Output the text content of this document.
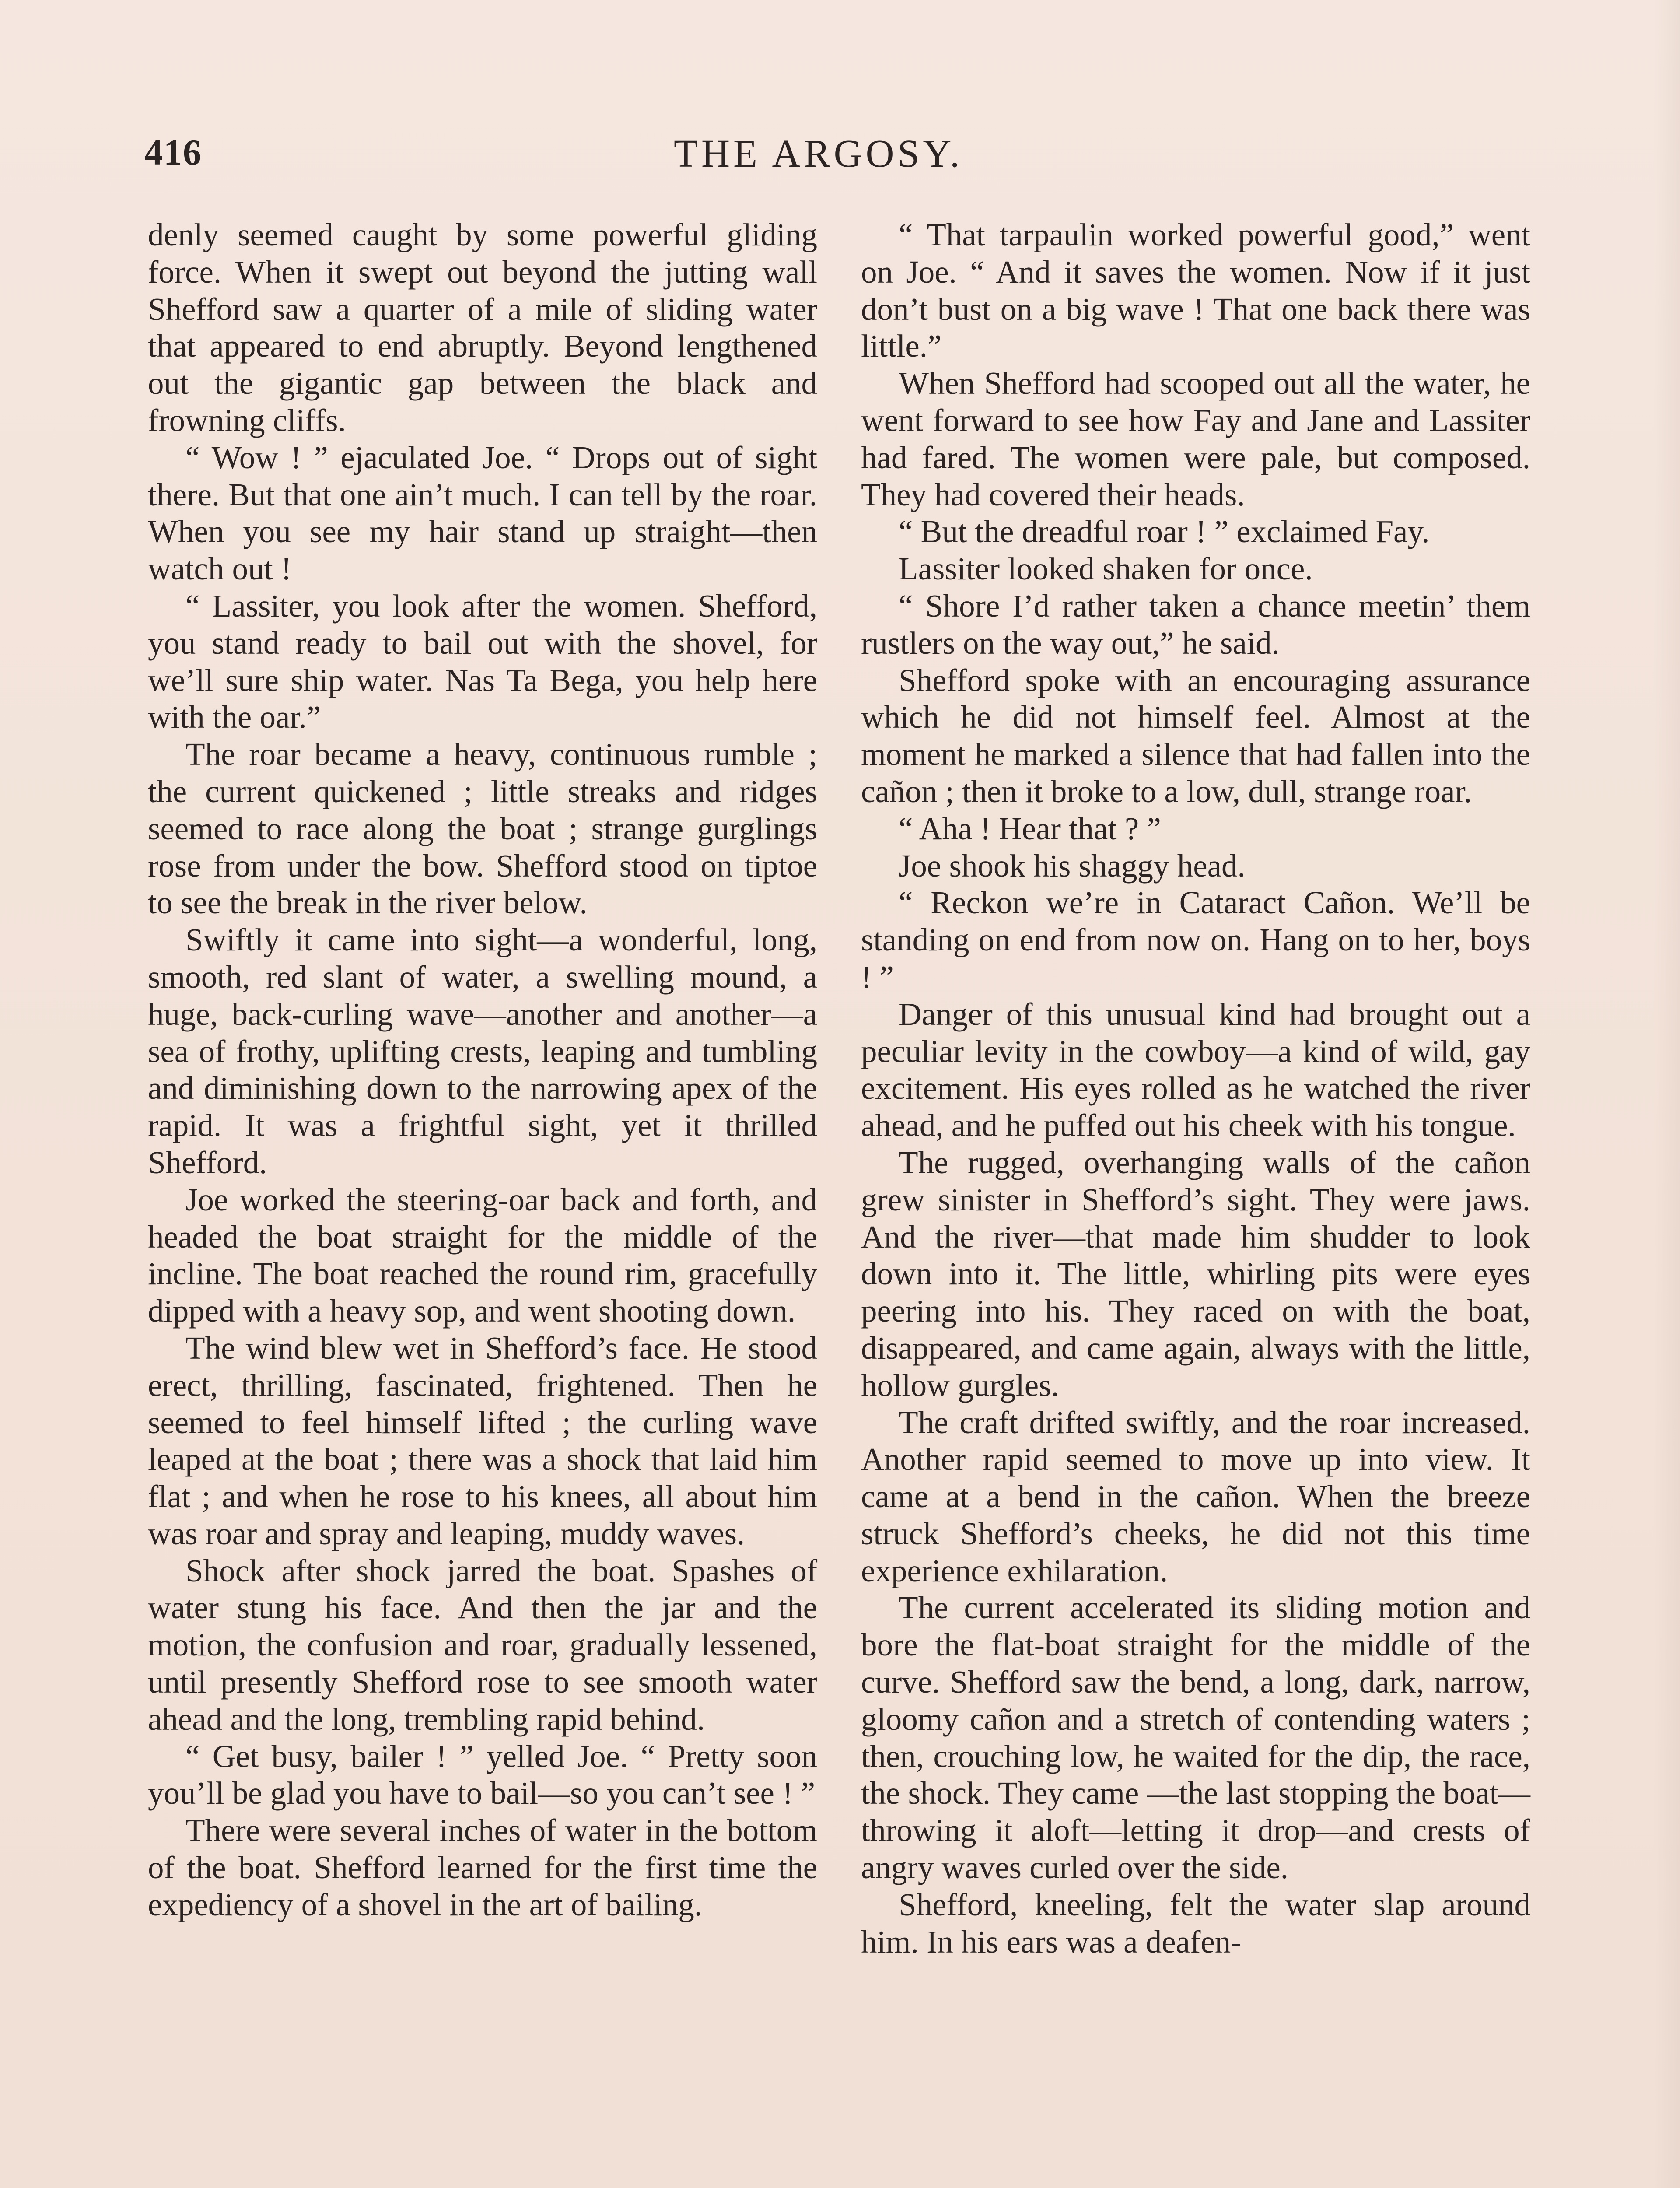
416	THE ARGOSY.

denly seemed caught by some powerful gliding force. When it swept out beyond the jutting wall Shefford saw a quarter of a mile of sliding water that appeared to end abruptly. Beyond lengthened out the gigantic gap between the black and frowning cliffs.

“ Wow ! ” ejaculated Joe. “ Drops out of sight there. But that one ain’t much. I can tell by the roar. When you see my hair stand up straight—then watch out !

“ Lassiter, you look after the women. Shefford, you stand ready to bail out with the shovel, for we’ll sure ship water. Nas Ta Bega, you help here with the oar.”

The roar became a heavy, continuous rumble ; the current quickened ; little streaks and ridges seemed to race along the boat ; strange gurglings rose from under the bow. Shefford stood on tiptoe to see the break in the river below.

Swiftly it came into sight—a wonderful, long, smooth, red slant of water, a swelling mound, a huge, back-curling wave—another and another—a sea of frothy, uplifting crests, leaping and tumbling and diminishing down to the narrowing apex of the rapid. It was a frightful sight, yet it thrilled Shefford.

Joe worked the steering-oar back and forth, and headed the boat straight for the middle of the incline. The boat reached the round rim, gracefully dipped with a heavy sop, and went shooting down.

The wind blew wet in Shefford’s face. He stood erect, thrilling, fascinated, frightened. Then he seemed to feel himself lifted ; the curling wave leaped at the boat ; there was a shock that laid him flat ; and when he rose to his knees, all about him was roar and spray and leaping, muddy waves.

Shock after shock jarred the boat. Spashes of water stung his face. And then the jar and the motion, the confusion and roar, gradually lessened, until presently Shefford rose to see smooth water ahead and the long, trembling rapid behind.

“ Get busy, bailer ! ” yelled Joe. “ Pretty soon you’ll be glad you have to bail—so you can’t see ! ”

There were several inches of water in the bottom of the boat. Shefford learned for the first time the expediency of a shovel in the art of bailing.

“ That tarpaulin worked powerful good,” went on Joe. “ And it saves the women. Now if it just don’t bust on a big wave ! That one back there was little.”

When Shefford had scooped out all the water, he went forward to see how Fay and Jane and Lassiter had fared. The women were pale, but composed. They had covered their heads.

“ But the dreadful roar ! ” exclaimed Fay.

Lassiter looked shaken for once.

“ Shore I’d rather taken a chance meetin’ them rustlers on the way out,” he said.

Shefford spoke with an encouraging assurance which he did not himself feel. Almost at the moment he marked a silence that had fallen into the cañon ; then it broke to a low, dull, strange roar.

“ Aha ! Hear that ? ”

Joe shook his shaggy head.

“ Reckon we’re in Cataract Cañon. We’ll be standing on end from now on. Hang on to her, boys ! ”

Danger of this unusual kind had brought out a peculiar levity in the cowboy—a kind of wild, gay excitement. His eyes rolled as he watched the river ahead, and he puffed out his cheek with his tongue.

The rugged, overhanging walls of the cañon grew sinister in Shefford’s sight. They were jaws. And the river—that made him shudder to look down into it. The little, whirling pits were eyes peering into his. They raced on with the boat, disappeared, and came again, always with the little, hollow gurgles.

The craft drifted swiftly, and the roar increased. Another rapid seemed to move up into view. It came at a bend in the cañon. When the breeze struck Shefford’s cheeks, he did not this time experience exhilaration.

The current accelerated its sliding motion and bore the flat-boat straight for the middle of the curve. Shefford saw the bend, a long, dark, narrow, gloomy cañon and a stretch of contending waters ; then, crouching low, he waited for the dip, the race, the shock. They came —the last stopping the boat—throwing it aloft—letting it drop—and crests of angry waves curled over the side.

Shefford, kneeling, felt the water slap around him. In his ears was a deafen-
